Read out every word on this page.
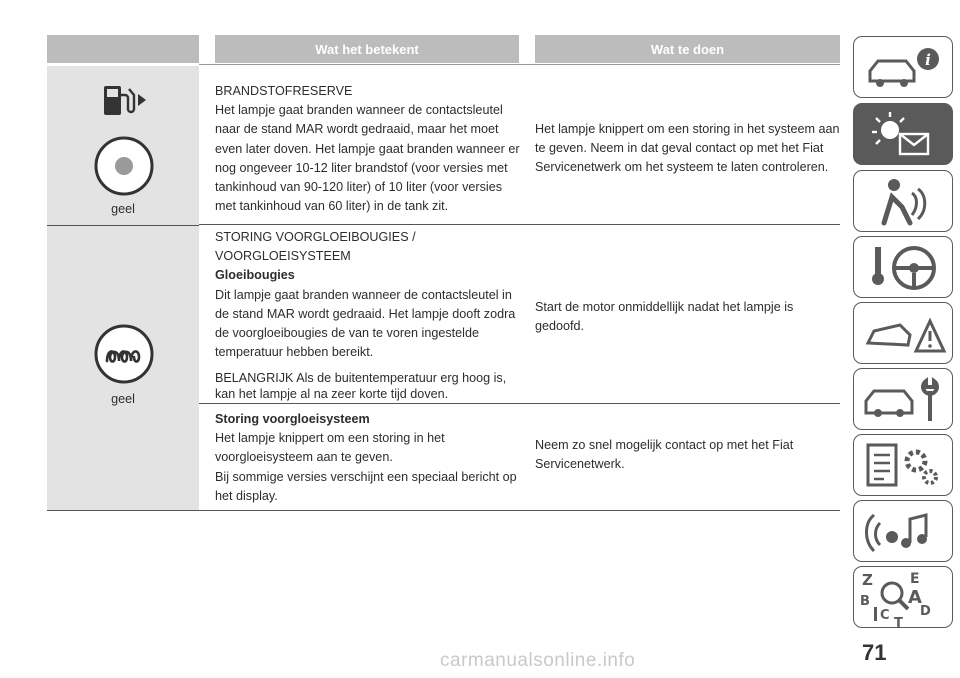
Wat het betekent	Wat te doen
geel
geel

BRANDSTOFRESERVE

Het lampje gaat branden wanneer de contactsleutel

naar de stand MAR wordt gedraaid, maar het moet

even later doven. Het lampje gaat branden wanneer er

nog ongeveer 10-12 liter brandstof (voor versies met

tankinhoud van 90-120 liter) of 10 liter (voor versies

met tankinhoud van 60 liter) in de tank zit.

Het lampje knippert om een storing in het systeem aan

te geven. Neem in dat geval contact op met het Fiat

Servicenetwerk om het systeem te laten controleren.

STORING VOORGLOEIBOUGIES /

VOORGLOEISYSTEEM

Gloeibougies

Dit lampje gaat branden wanneer de contactsleutel in

de stand MAR wordt gedraaid. Het lampje dooft zodra

de voorgloeibougies de van te voren ingestelde

temperatuur hebben bereikt.

BELANGRIJK Als de buitentemperatuur erg hoog is,

kan het lampje al na zeer korte tijd doven.

Start de motor onmiddellijk nadat het lampje is

gedoofd.

Storing voorgloeisysteem

Het lampje knippert om een storing in het

voorgloeisysteem aan te geven.

Bij sommige versies verschijnt een speciaal bericht op

het display.

Neem zo snel mogelijk contact op met het Fiat

Servicenetwerk.

i
Z	E
B A
C D
T
71
carmanualsonline.info
